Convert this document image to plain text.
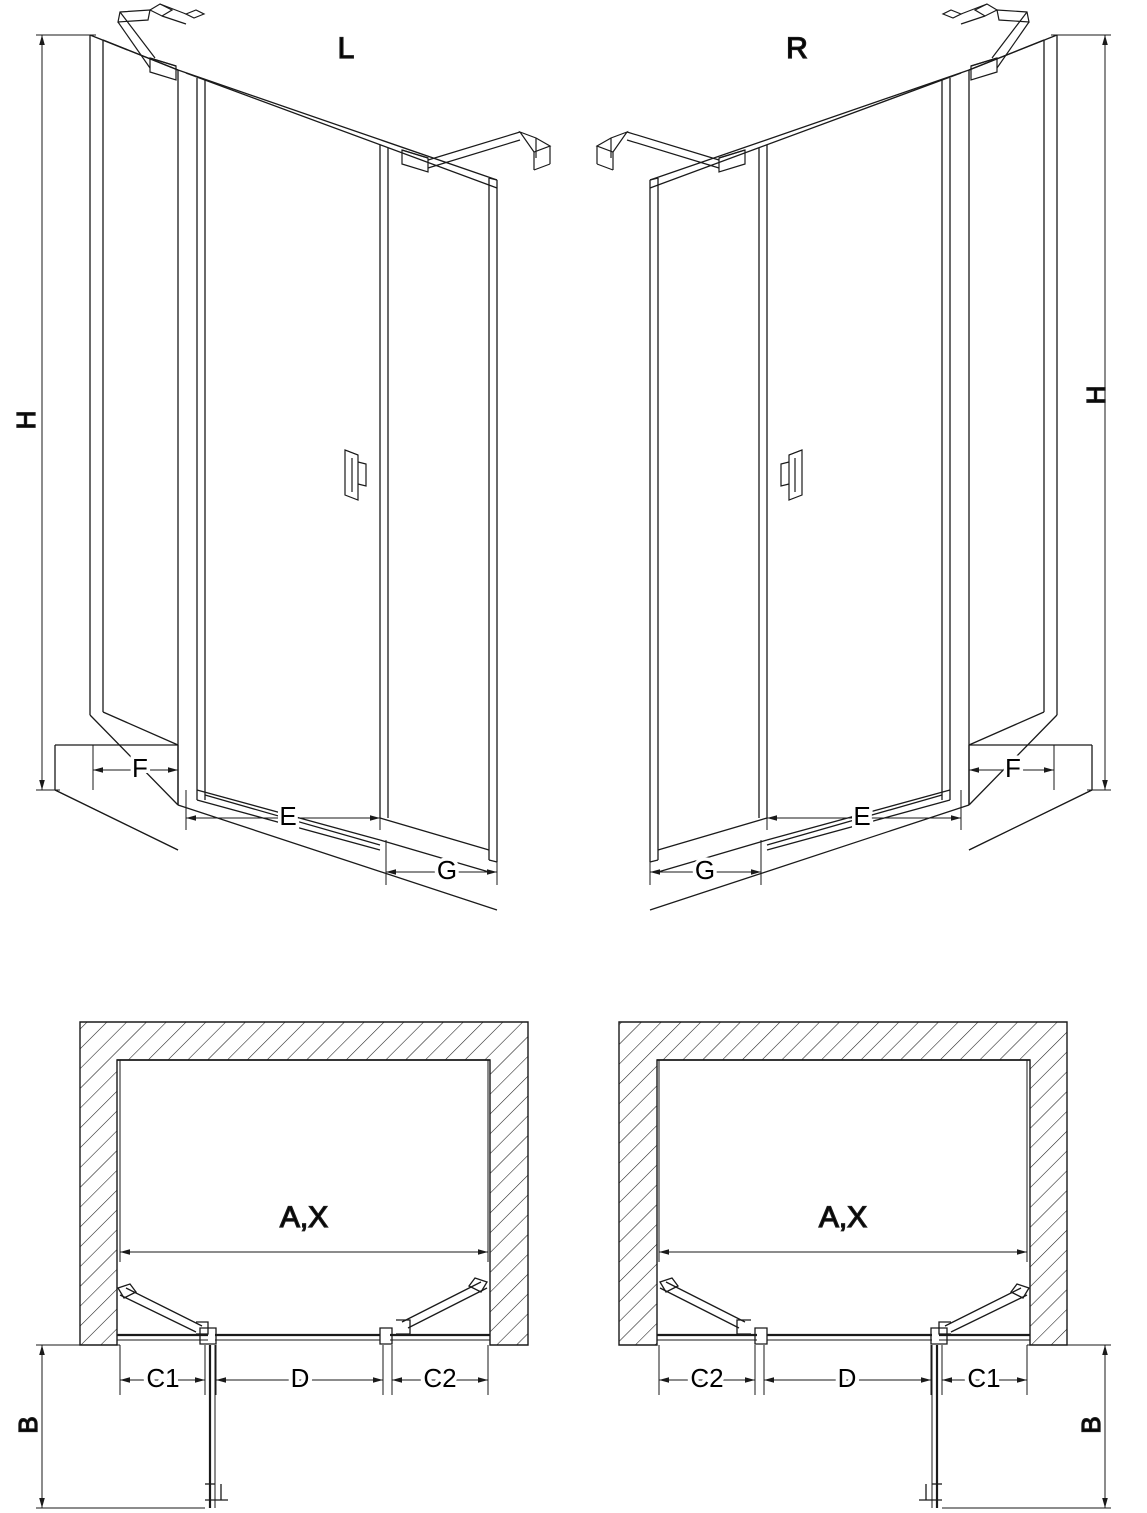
H
F
E
G
L
H
F
E
G
R
A,X
B
C1	D	C2
A,X
B
C1
D
C2
